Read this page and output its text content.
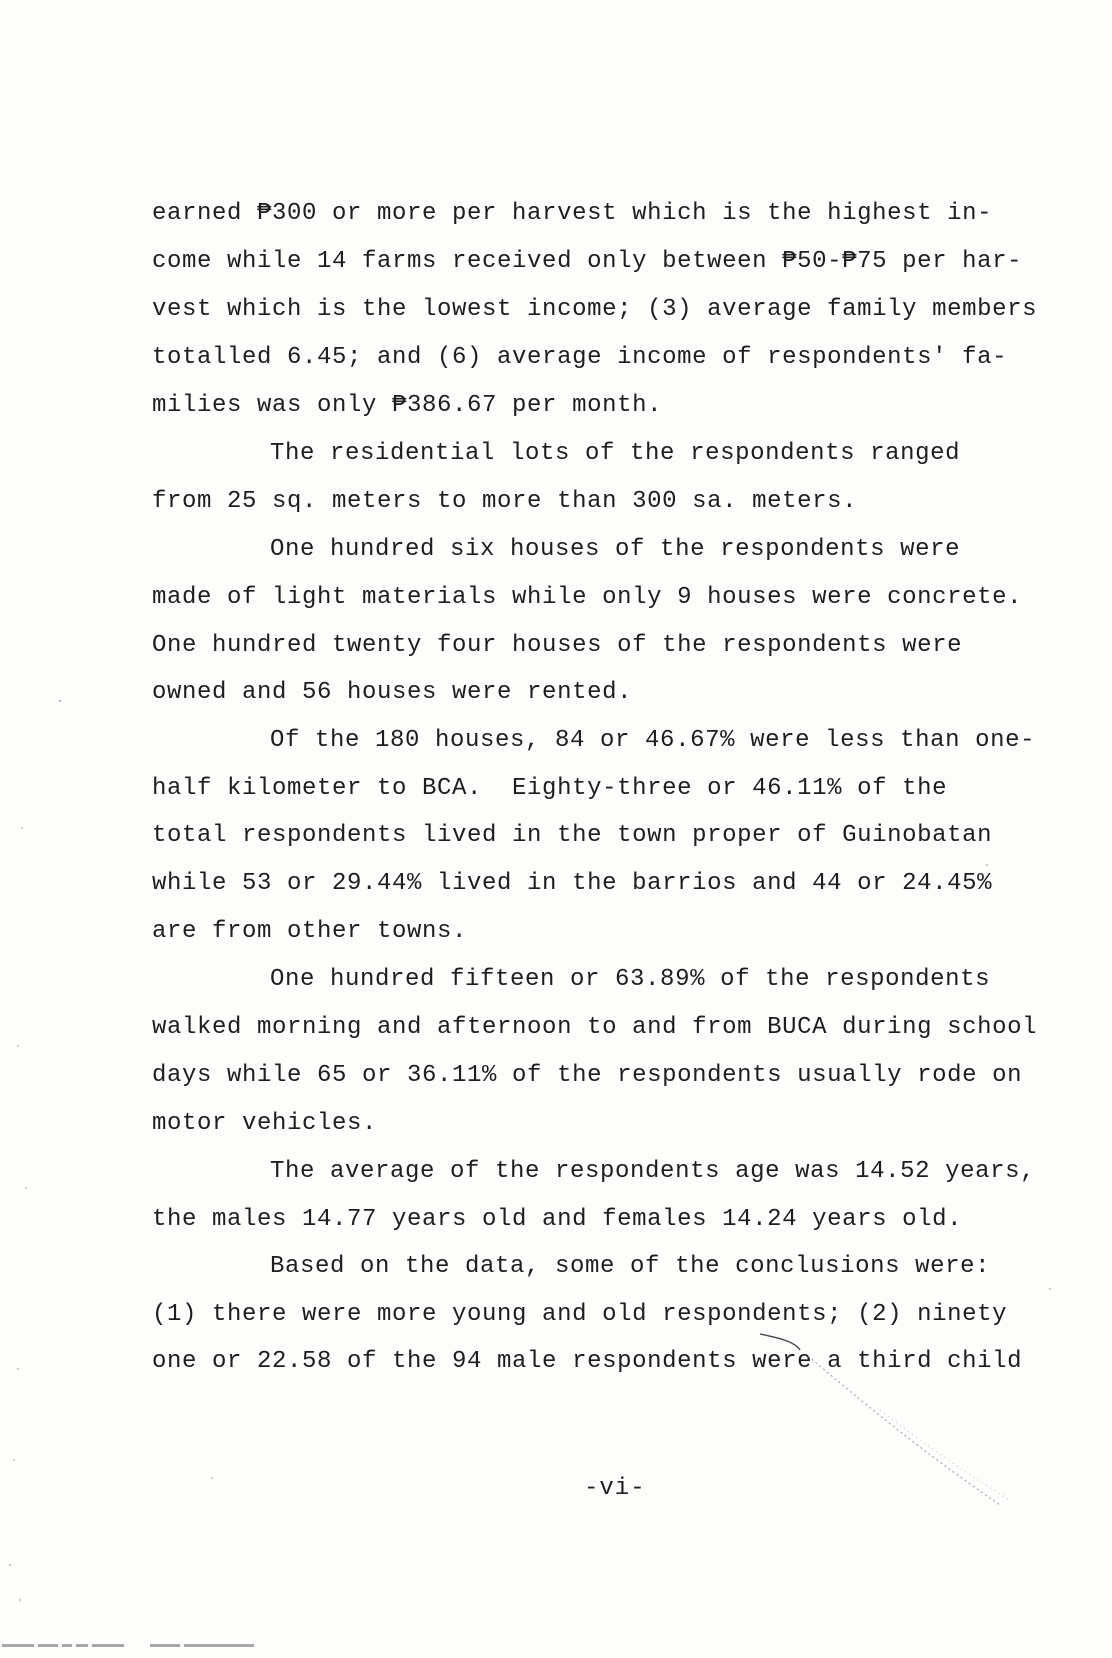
earned ₱300 or more per harvest which is the highest in-
come while 14 farms received only between ₱50-₱75 per har-
vest which is the lowest income; (3) average family members
totalled 6.45; and (6) average income of respondents' fa-
milies was only ₱386.67 per month.
The residential lots of the respondents ranged
from 25 sq. meters to more than 300 sa. meters.
One hundred six houses of the respondents were
made of light materials while only 9 houses were concrete.
One hundred twenty four houses of the respondents were
owned and 56 houses were rented.
Of the 180 houses, 84 or 46.67% were less than one-
half kilometer to BCA.  Eighty-three or 46.11% of the
total respondents lived in the town proper of Guinobatan
while 53 or 29.44% lived in the barrios and 44 or 24.45%
are from other towns.
One hundred fifteen or 63.89% of the respondents
walked morning and afternoon to and from BUCA during school
days while 65 or 36.11% of the respondents usually rode on
motor vehicles.
The average of the respondents age was 14.52 years,
the males 14.77 years old and females 14.24 years old.
Based on the data, some of the conclusions were:
(1) there were more young and old respondents; (2) ninety
one or 22.58 of the 94 male respondents were a third child
-vi-
